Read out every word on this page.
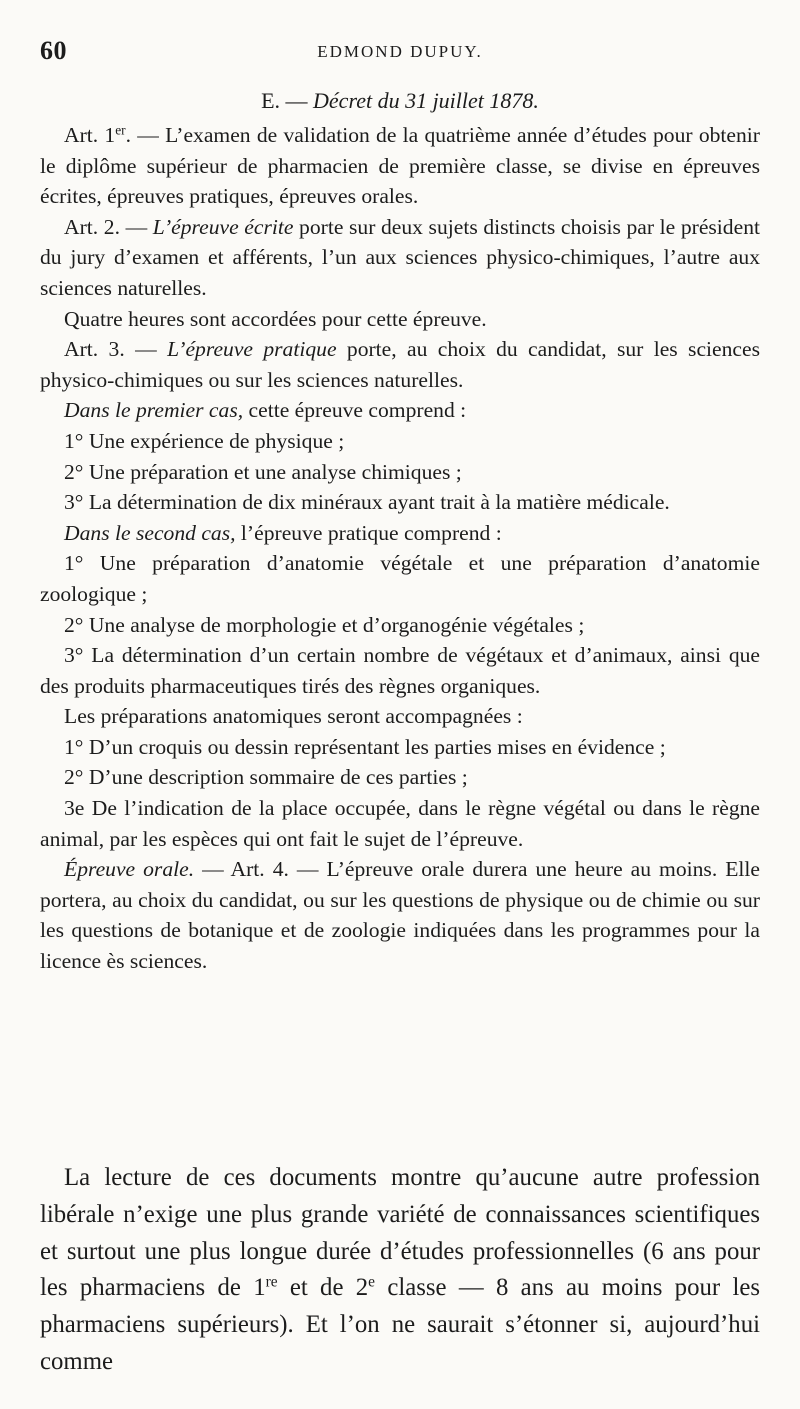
60	EDMOND DUPUY.
E. — Décret du 31 juillet 1878.

Art. 1er. — L’examen de validation de la quatrième année d’études pour obtenir le diplôme supérieur de pharmacien de première classe, se divise en épreuves écrites, épreuves pratiques, épreuves orales.

Art. 2. — L’épreuve écrite porte sur deux sujets distincts choisis par le président du jury d’examen et afférents, l’un aux sciences physico-chimiques, l’autre aux sciences naturelles.

Quatre heures sont accordées pour cette épreuve.

Art. 3. — L’épreuve pratique porte, au choix du candidat, sur les sciences physico-chimiques ou sur les sciences naturelles.

Dans le premier cas, cette épreuve comprend :

1° Une expérience de physique ;

2° Une préparation et une analyse chimiques ;

3° La détermination de dix minéraux ayant trait à la matière médicale.

Dans le second cas, l’épreuve pratique comprend :

1° Une préparation d’anatomie végétale et une préparation d’anatomie zoologique ;

2° Une analyse de morphologie et d’organogénie végétales ;

3° La détermination d’un certain nombre de végétaux et d’animaux, ainsi que des produits pharmaceutiques tirés des règnes organiques.

Les préparations anatomiques seront accompagnées :

1° D’un croquis ou dessin représentant les parties mises en évidence ;

2° D’une description sommaire de ces parties ;

3e De l’indication de la place occupée, dans le règne végétal ou dans le règne animal, par les espèces qui ont fait le sujet de l’épreuve.

Épreuve orale. — Art. 4. — L’épreuve orale durera une heure au moins. Elle portera, au choix du candidat, ou sur les questions de physique ou de chimie ou sur les questions de botanique et de zoologie indiquées dans les programmes pour la licence ès sciences.

La lecture de ces documents montre qu’aucune autre profession libérale n’exige une plus grande variété de connaissances scientifiques et surtout une plus longue durée d’études professionnelles (6 ans pour les pharmaciens de 1re et de 2e classe — 8 ans au moins pour les pharmaciens supérieurs). Et l’on ne saurait s’étonner si, aujourd’hui comme
